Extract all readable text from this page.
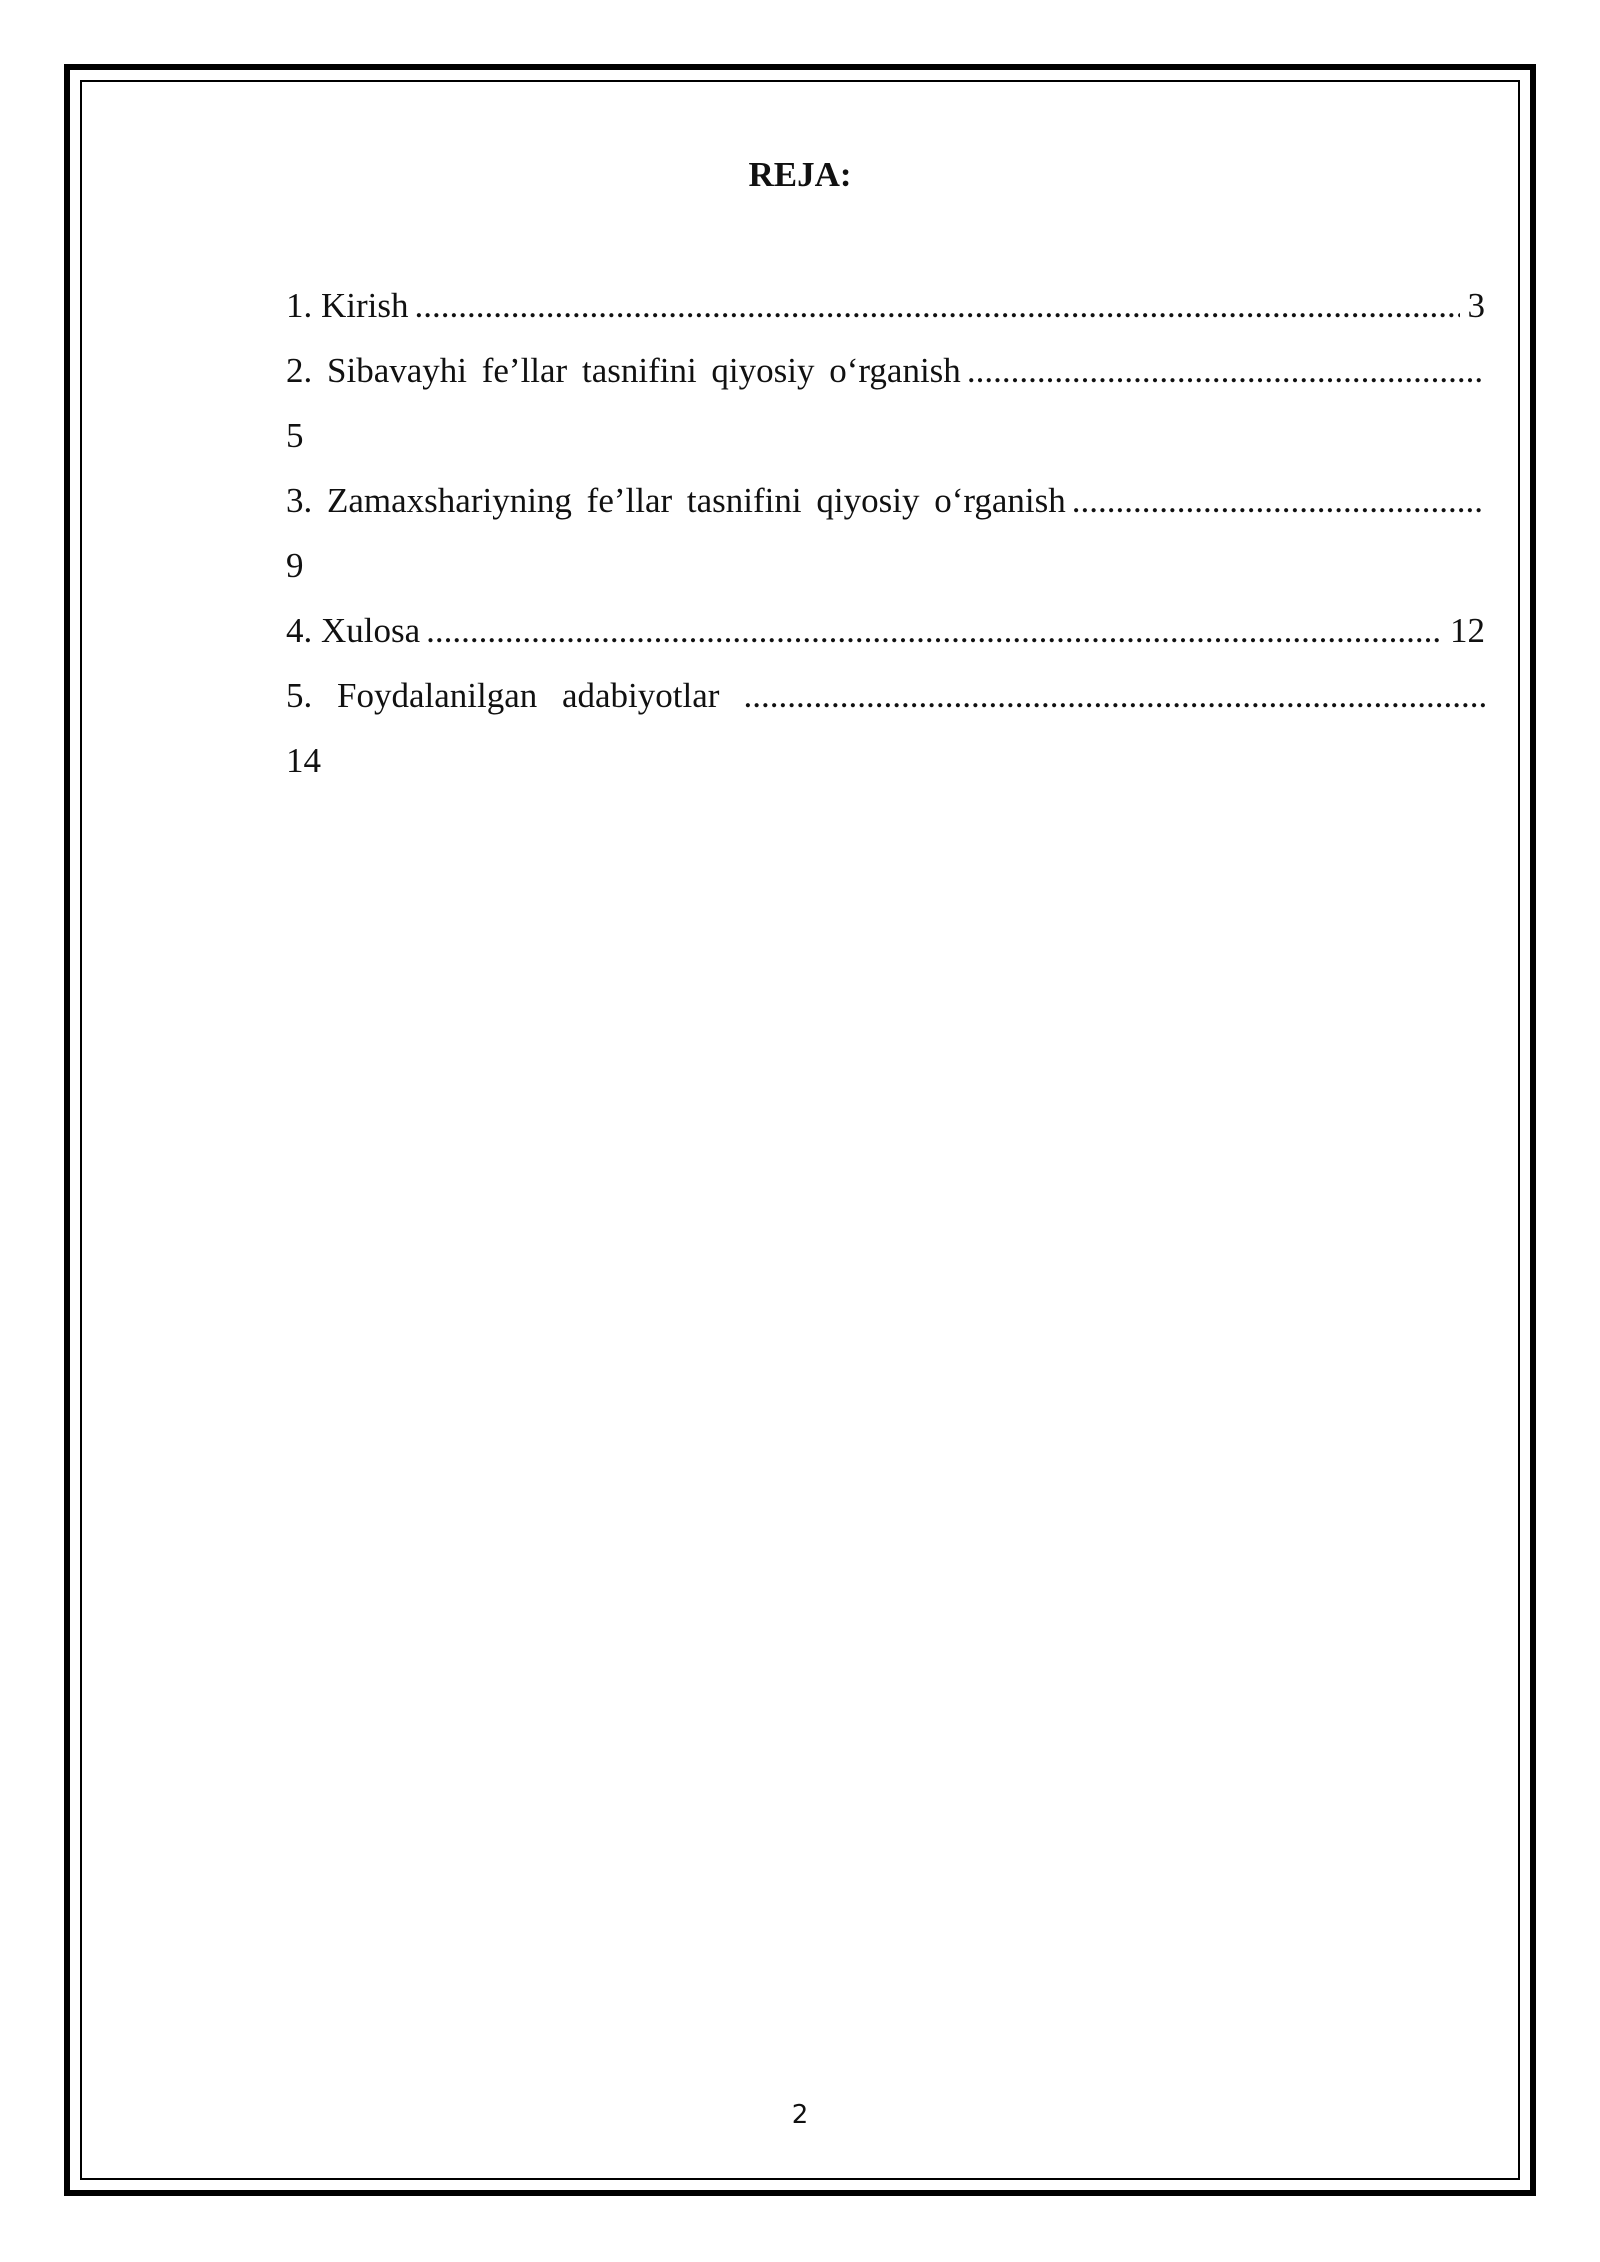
REJA:
1. Kirish .....	3
2. Sibavayhi fe’llar tasnifini qiyosiy o‘rganish
.....
5
3. Zamaxshariyning fe’llar tasnifini qiyosiy o‘rganish
.....
9
4. Xulosa .....	12
5. Foydalanilgan adabiyotlar
.....
14
2
